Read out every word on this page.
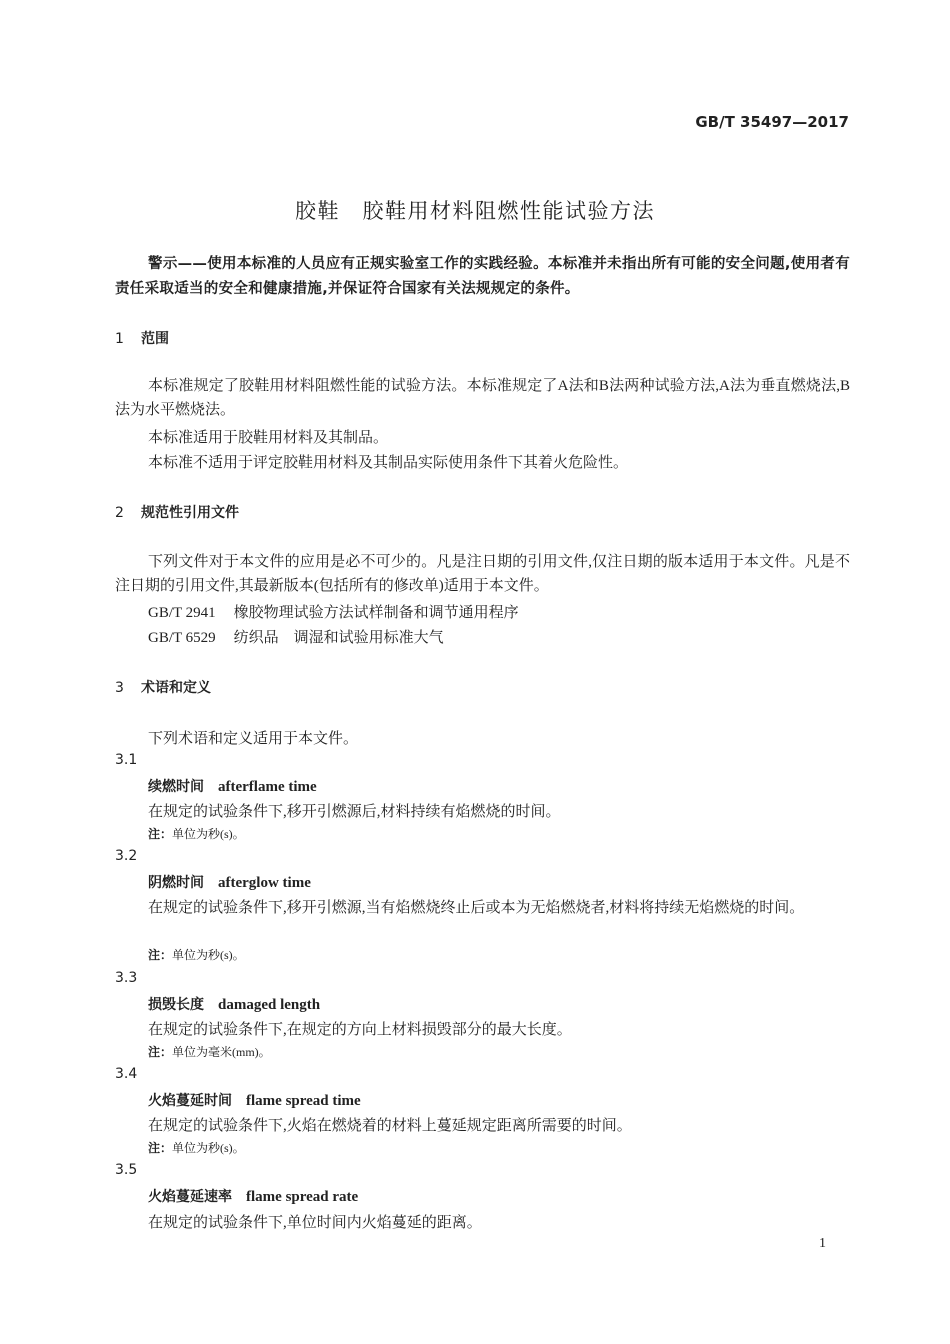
GB/T 35497—2017
胶鞋　胶鞋用材料阻燃性能试验方法
警示——使用本标准的人员应有正规实验室工作的实践经验。本标准并未指出所有可能的安全问题,使用者有责任采取适当的安全和健康措施,并保证符合国家有关法规规定的条件。
1 范围
本标准规定了胶鞋用材料阻燃性能的试验方法。本标准规定了A法和B法两种试验方法,A法为垂直燃烧法,B法为水平燃烧法。
本标准适用于胶鞋用材料及其制品。
本标准不适用于评定胶鞋用材料及其制品实际使用条件下其着火危险性。
2 规范性引用文件
下列文件对于本文件的应用是必不可少的。凡是注日期的引用文件,仅注日期的版本适用于本文件。凡是不注日期的引用文件,其最新版本(包括所有的修改单)适用于本文件。
GB/T 2941 橡胶物理试验方法试样制备和调节通用程序
GB/T 6529 纺织品　调湿和试验用标准大气
3 术语和定义
下列术语和定义适用于本文件。
3.1
续燃时间 afterflame time
在规定的试验条件下,移开引燃源后,材料持续有焰燃烧的时间。
注：单位为秒(s)。
3.2
阴燃时间 afterglow time
在规定的试验条件下,移开引燃源,当有焰燃烧终止后或本为无焰燃烧者,材料将持续无焰燃烧的时间。
注：单位为秒(s)。
3.3
损毁长度 damaged length
在规定的试验条件下,在规定的方向上材料损毁部分的最大长度。
注：单位为毫米(mm)。
3.4
火焰蔓延时间 flame spread time
在规定的试验条件下,火焰在燃烧着的材料上蔓延规定距离所需要的时间。
注：单位为秒(s)。
3.5
火焰蔓延速率 flame spread rate
在规定的试验条件下,单位时间内火焰蔓延的距离。
1
